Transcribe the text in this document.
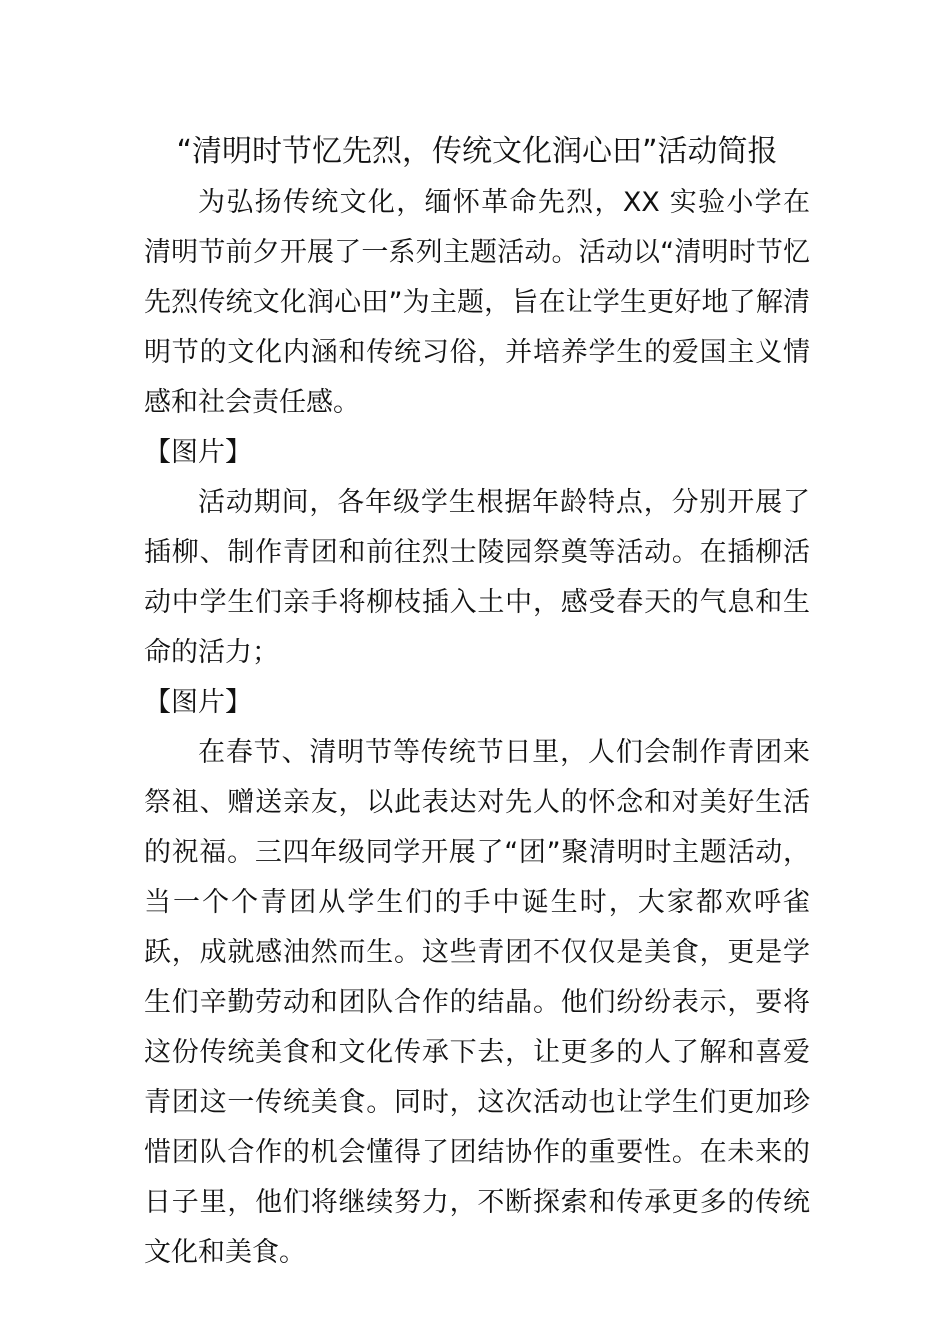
“清明时节忆先烈，传统文化润心田”活动简报

为弘扬传统文化，缅怀革命先烈，XX 实验小学在清明节前夕开展了一系列主题活动。活动以“清明时节忆先烈传统文化润心田”为主题，旨在让学生更好地了解清明节的文化内涵和传统习俗，并培养学生的爱国主义情感和社会责任感。

【图片】

活动期间，各年级学生根据年龄特点，分别开展了插柳、制作青团和前往烈士陵园祭奠等活动。在插柳活动中学生们亲手将柳枝插入土中，感受春天的气息和生命的活力；

【图片】

在春节、清明节等传统节日里，人们会制作青团来祭祖、赠送亲友，以此表达对先人的怀念和对美好生活的祝福。三四年级同学开展了“团”聚清明时主题活动，当一个个青团从学生们的手中诞生时，大家都欢呼雀跃，成就感油然而生。这些青团不仅仅是美食，更是学生们辛勤劳动和团队合作的结晶。他们纷纷表示，要将这份传统美食和文化传承下去，让更多的人了解和喜爱青团这一传统美食。同时，这次活动也让学生们更加珍惜团队合作的机会懂得了团结协作的重要性。在未来的日子里，他们将继续努力，不断探索和传承更多的传统文化和美食。
